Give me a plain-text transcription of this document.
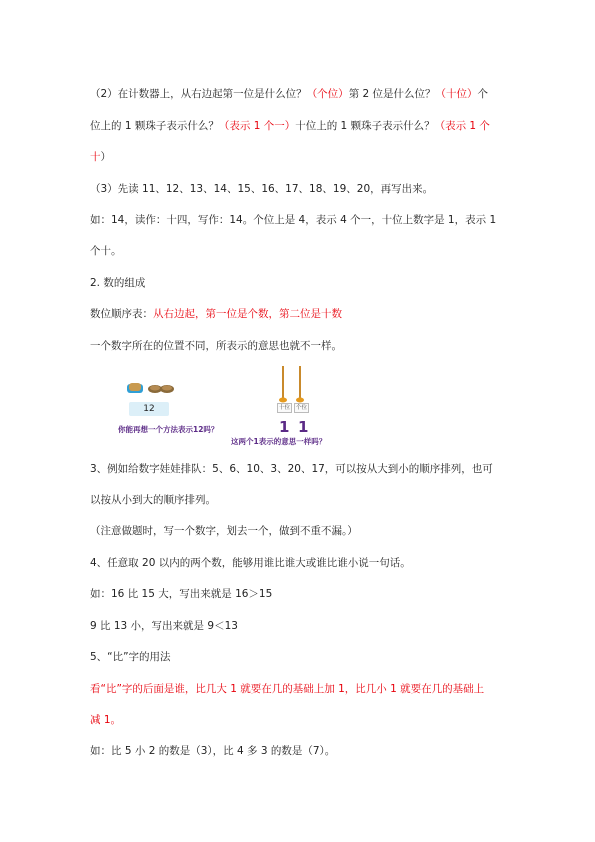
（2）在计数器上，从右边起第一位是什么位？（个位）第 2 位是什么位？（十位）个
位上的 1 颗珠子表示什么？（表示 1 个一）十位上的 1 颗珠子表示什么？（表示 1 个
十）
（3）先读 11、12、13、14、15、16、17、18、19、20，再写出来。
如：14，读作：十四，写作：14。个位上是 4，表示 4 个一，十位上数字是 1，表示 1
个十。
2. 数的组成
数位顺序表：从右边起，第一位是个数，第二位是十数
一个数字所在的位置不同，所表示的意思也就不一样。
3、例如给数字娃娃排队：5、6、10、3、20、17，可以按从大到小的顺序排列，也可
以按从小到大的顺序排列。
（注意做题时，写一个数字，划去一个，做到不重不漏。）
4、任意取 20 以内的两个数，能够用谁比谁大或谁比谁小说一句话。
如：16 比 15 大，写出来就是 16＞15
9 比 13 小，写出来就是 9＜13
5、“比”字的用法
看“比”字的后面是谁，比几大 1 就要在几的基础上加 1，比几小 1 就要在几的基础上
减 1。
如：比 5 小 2 的数是（3），比 4 多 3 的数是（7）。
12
你能再想一个方法表示12吗？
十位	个位
1 1
这两个1表示的意思一样吗？
